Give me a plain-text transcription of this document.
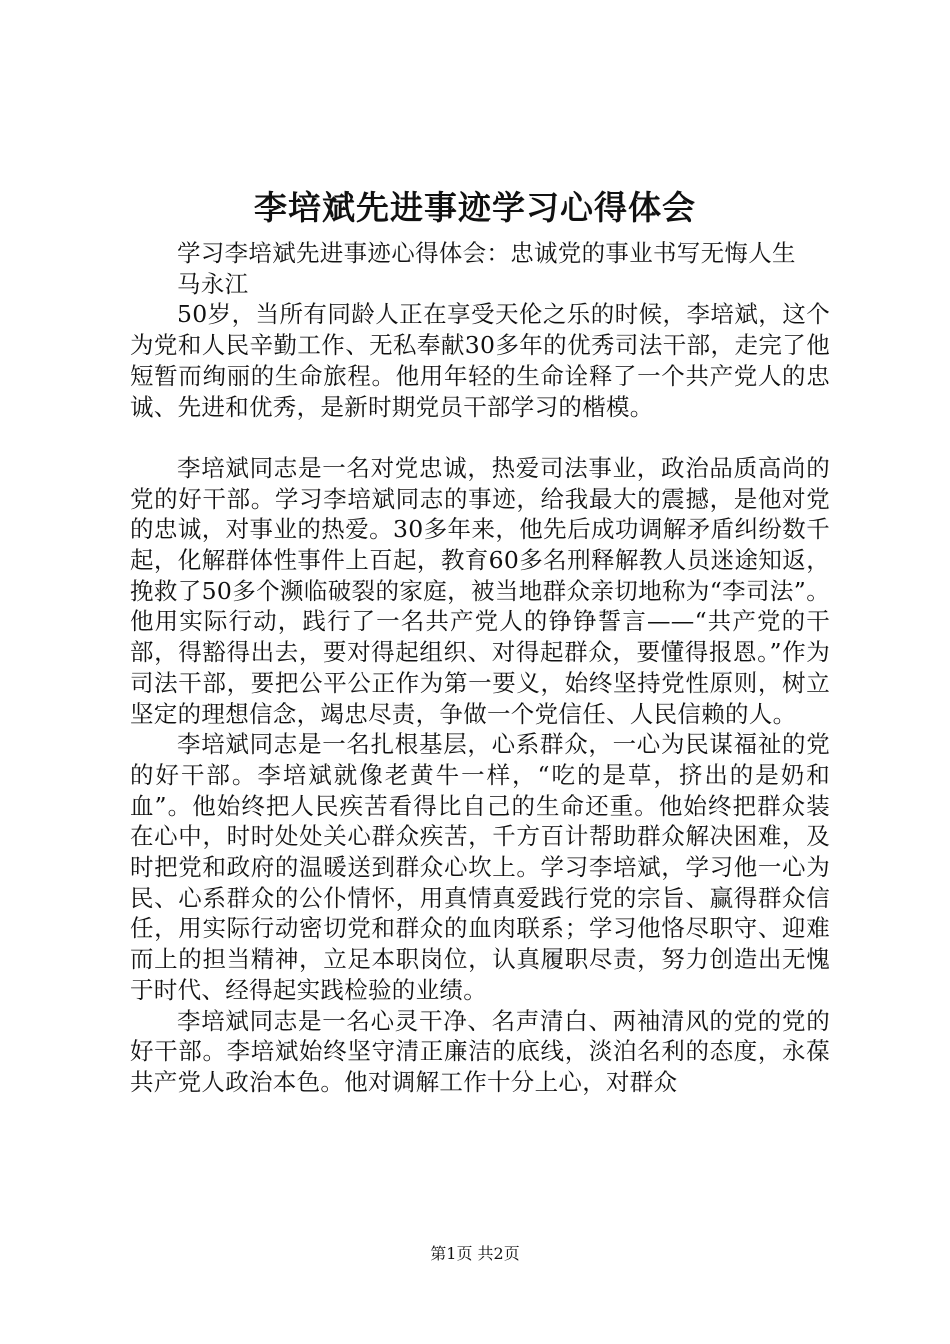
李培斌先进事迹学习心得体会

学习李培斌先进事迹心得体会：忠诚党的事业书写无悔人生

马永江

50岁，当所有同龄人正在享受天伦之乐的时候，李培斌，这个为党和人民辛勤工作、无私奉献30多年的优秀司法干部，走完了他短暂而绚丽的生命旅程。他用年轻的生命诠释了一个共产党人的忠诚、先进和优秀，是新时期党员干部学习的楷模。

李培斌同志是一名对党忠诚，热爱司法事业，政治品质高尚的党的好干部。学习李培斌同志的事迹，给我最大的震撼，是他对党的忠诚，对事业的热爱。30多年来，他先后成功调解矛盾纠纷数千起，化解群体性事件上百起，教育60多名刑释解教人员迷途知返，挽救了50多个濒临破裂的家庭，被当地群众亲切地称为“李司法”。他用实际行动，践行了一名共产党人的铮铮誓言——“共产党的干部，得豁得出去，要对得起组织、对得起群众，要懂得报恩。”作为司法干部，要把公平公正作为第一要义，始终坚持党性原则，树立坚定的理想信念，竭忠尽责，争做一个党信任、人民信赖的人。

李培斌同志是一名扎根基层，心系群众，一心为民谋福祉的党的好干部。李培斌就像老黄牛一样，“吃的是草，挤出的是奶和血”。他始终把人民疾苦看得比自己的生命还重。他始终把群众装在心中，时时处处关心群众疾苦，千方百计帮助群众解决困难，及时把党和政府的温暖送到群众心坎上。学习李培斌，学习他一心为民、心系群众的公仆情怀，用真情真爱践行党的宗旨、赢得群众信任，用实际行动密切党和群众的血肉联系；学习他恪尽职守、迎难而上的担当精神，立足本职岗位，认真履职尽责，努力创造出无愧于时代、经得起实践检验的业绩。

李培斌同志是一名心灵干净、名声清白、两袖清风的党的党的好干部。李培斌始终坚守清正廉洁的底线，淡泊名利的态度，永葆共产党人政治本色。他对调解工作十分上心，对群众

第1页 共2页
